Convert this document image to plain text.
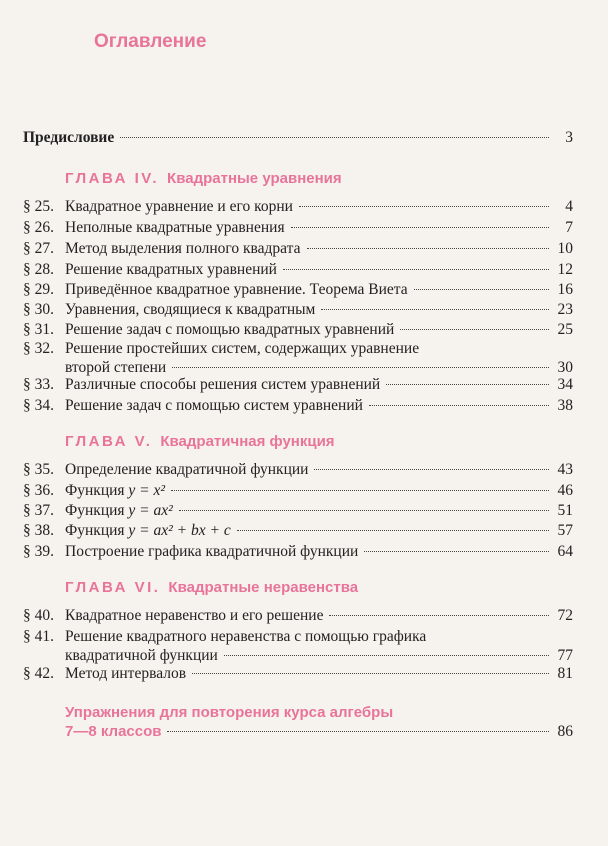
Оглавление
Предисловие	3
ГЛАВА IV. Квадратные уравнения
§ 25. Квадратное уравнение и его корни	4
§ 26. Неполные квадратные уравнения	7
§ 27. Метод выделения полного квадрата	10
§ 28. Решение квадратных уравнений	12
§ 29. Приведённое квадратное уравнение. Теорема Виета	16
§ 30. Уравнения, сводящиеся к квадратным	23
§ 31. Решение задач с помощью квадратных уравнений	25
§ 32. Решение простейших систем, содержащих уравнение
второй степени	30
§ 33. Различные способы решения систем уравнений	34
§ 34. Решение задач с помощью систем уравнений	38
ГЛАВА V. Квадратичная функция
§ 35. Определение квадратичной функции	43
§ 36. Функция y = x²	46
§ 37. Функция y = ax²	51
§ 38. Функция y = ax² + bx + c	57
§ 39. Построение графика квадратичной функции	64
ГЛАВА VI. Квадратные неравенства
§ 40. Квадратное неравенство и его решение	72
§ 41. Решение квадратного неравенства с помощью графика
квадратичной функции	77
§ 42. Метод интервалов	81
Упражнения для повторения курса алгебры
7—8 классов	86
